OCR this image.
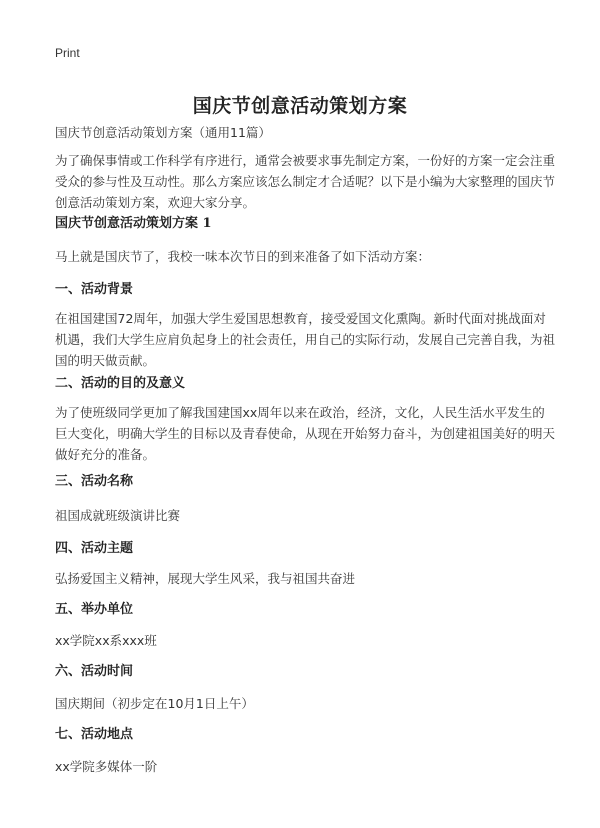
Print
国庆节创意活动策划方案

国庆节创意活动策划方案（通用11篇）

为了确保事情或工作科学有序进行，通常会被要求事先制定方案，一份好的方案一定会注重受众的参与性及互动性。那么方案应该怎么制定才合适呢？以下是小编为大家整理的国庆节创意活动策划方案，欢迎大家分享。

国庆节创意活动策划方案 1

马上就是国庆节了，我校一味本次节日的到来准备了如下活动方案：

一、活动背景

在祖国建国72周年，加强大学生爱国思想教育，接受爱国文化熏陶。新时代面对挑战面对机遇，我们大学生应肩负起身上的社会责任，用自己的实际行动，发展自己完善自我，为祖国的明天做贡献。

二、活动的目的及意义

为了使班级同学更加了解我国建国xx周年以来在政治，经济，文化，人民生活水平发生的巨大变化，明确大学生的目标以及青春使命，从现在开始努力奋斗，为创建祖国美好的明天做好充分的准备。

三、活动名称

祖国成就班级演讲比赛

四、活动主题

弘扬爱国主义精神，展现大学生风采，我与祖国共奋进

五、举办单位

xx学院xx系xxx班

六、活动时间

国庆期间（初步定在10月1日上午）

七、活动地点

xx学院多媒体一阶
